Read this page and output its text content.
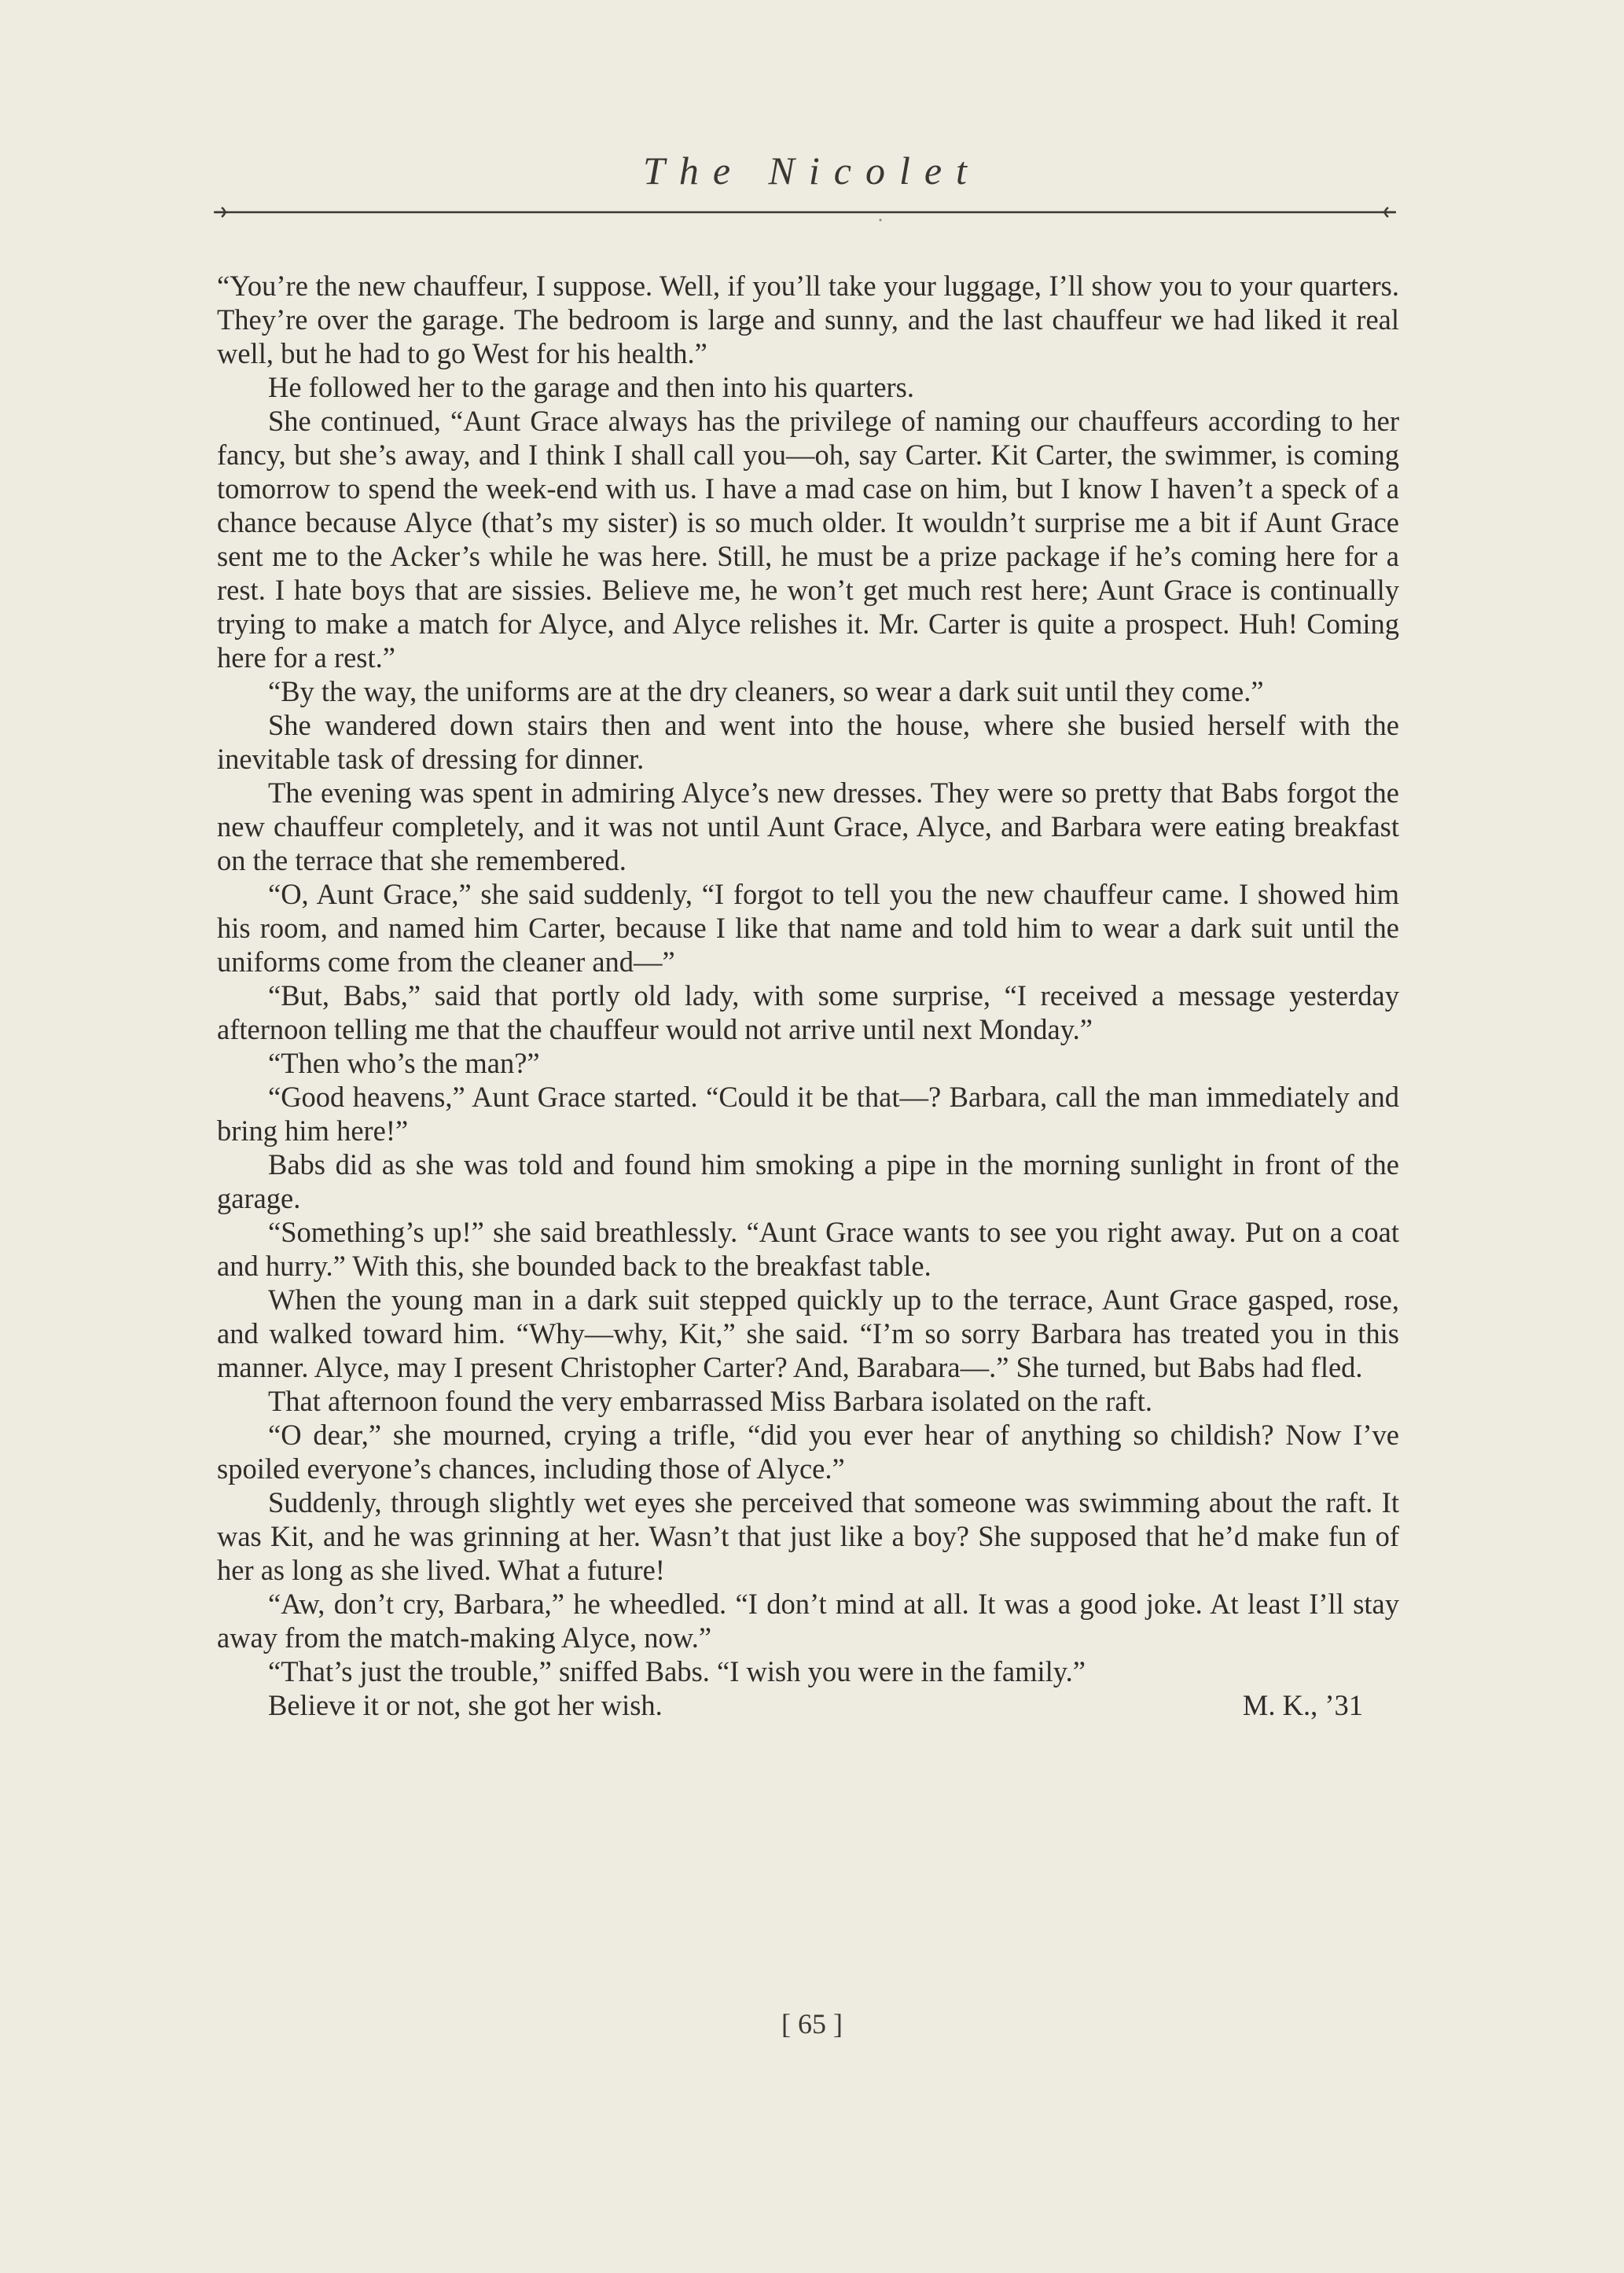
The Nicolet

“You’re the new chauffeur, I suppose. Well, if you’ll take your luggage, I’ll show you to your quarters. They’re over the garage. The bedroom is large and sunny, and the last chauffeur we had liked it real well, but he had to go West for his health.”

He followed her to the garage and then into his quarters.

She continued, “Aunt Grace always has the privilege of naming our chauffeurs according to her fancy, but she’s away, and I think I shall call you—oh, say Carter. Kit Carter, the swimmer, is coming tomorrow to spend the week-end with us. I have a mad case on him, but I know I haven’t a speck of a chance because Alyce (that’s my sister) is so much older. It wouldn’t surprise me a bit if Aunt Grace sent me to the Acker’s while he was here. Still, he must be a prize package if he’s coming here for a rest. I hate boys that are sissies. Believe me, he won’t get much rest here; Aunt Grace is continually trying to make a match for Alyce, and Alyce relishes it. Mr. Carter is quite a prospect. Huh! Coming here for a rest.”

“By the way, the uniforms are at the dry cleaners, so wear a dark suit until they come.”

She wandered down stairs then and went into the house, where she busied herself with the inevitable task of dressing for dinner.

The evening was spent in admiring Alyce’s new dresses. They were so pretty that Babs forgot the new chauffeur completely, and it was not until Aunt Grace, Alyce, and Barbara were eating breakfast on the terrace that she remembered.

“O, Aunt Grace,” she said suddenly, “I forgot to tell you the new chauffeur came. I showed him his room, and named him Carter, because I like that name and told him to wear a dark suit until the uniforms come from the cleaner and—”

“But, Babs,” said that portly old lady, with some surprise, “I received a message yesterday afternoon telling me that the chauffeur would not arrive until next Monday.”

“Then who’s the man?”

“Good heavens,” Aunt Grace started. “Could it be that—? Barbara, call the man immediately and bring him here!”

Babs did as she was told and found him smoking a pipe in the morning sunlight in front of the garage.

“Something’s up!” she said breathlessly. “Aunt Grace wants to see you right away. Put on a coat and hurry.” With this, she bounded back to the breakfast table.

When the young man in a dark suit stepped quickly up to the terrace, Aunt Grace gasped, rose, and walked toward him. “Why—why, Kit,” she said. “I’m so sorry Barbara has treated you in this manner. Alyce, may I present Christopher Carter? And, Barabara—.” She turned, but Babs had fled.

That afternoon found the very embarrassed Miss Barbara isolated on the raft.

“O dear,” she mourned, crying a trifle, “did you ever hear of anything so childish? Now I’ve spoiled everyone’s chances, including those of Alyce.”

Suddenly, through slightly wet eyes she perceived that someone was swimming about the raft. It was Kit, and he was grinning at her. Wasn’t that just like a boy? She supposed that he’d make fun of her as long as she lived. What a future!

“Aw, don’t cry, Barbara,” he wheedled. “I don’t mind at all. It was a good joke. At least I’ll stay away from the match-making Alyce, now.”

“That’s just the trouble,” sniffed Babs. “I wish you were in the family.”

Believe it or not, she got her wish.	M. K., ’31
[ 65 ]
